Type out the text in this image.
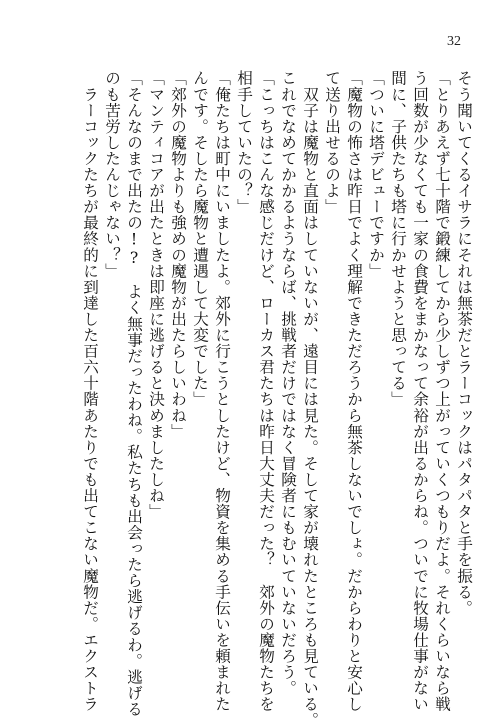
32

そう聞いてくるイサラにそれは無茶だとラーコックはパタパタと手を振る。

「とりあえず七十階で鍛練してから少しずつ上がっていくつもりだよ。それくらいなら戦

う回数が少なくても一家の食費をまかなって余裕が出るからね。ついでに牧場仕事がない

間に、子供たちも塔に行かせようと思ってる」

「ついに塔デビューですか」

「魔物の怖さは昨日でよく理解できただろうから無茶しないでしょ。だからわりと安心し

て送り出せるのよ」

　双子は魔物と直面はしていないが、遠目には見た。そして家が壊れたところも見ている。

これでなめてかかるようならば、挑戦者だけではなく冒険者にもむいていないだろう。

「こっちはこんな感じだけど、ローカス君たちは昨日大丈夫だった？　郊外の魔物たちを

相手していたの？」

「俺たちは町中にいましたよ。郊外に行こうとしたけど、物資を集める手伝いを頼まれた

んです。そしたら魔物と遭遇して大変でした」

「郊外の魔物よりも強めの魔物が出たらしいわね」

「マンティコアが出たときは即座に逃げると決めましたしね」

「そんなのまで出たの!?　よく無事だったわね。私たちも出会ったら逃げるわ。逃げる

のも苦労したんじゃない？」

　ラーコックたちが最終的に到達した百六十階あたりでも出てこない魔物だ。エクストラ
